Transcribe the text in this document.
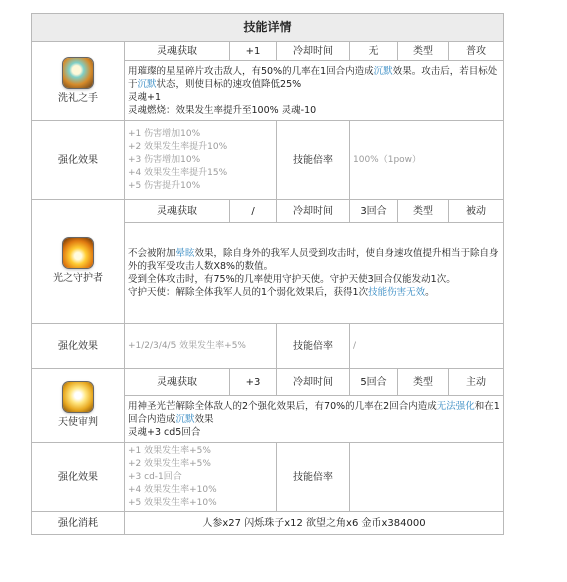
技能详情						

洗礼之手	灵魂获取	+1	冷却时间	无	类型	普攻
	用璀璨的星星碎片攻击敌人，有50%的几率在1回合内造成沉默效果。攻击后，若目标处于沉默状态，则使目标的速攻值降低25%
灵魂+1
灵魂燃烧：效果发生率提升至100% 灵魂-10					
强化效果	+1 伤害增加10%
+2 效果发生率提升10%
+3 伤害增加10%
+4 效果发生率提升15%
+5 伤害提升10%		技能倍率	100%（1pow）		

光之守护者	灵魂获取	/	冷却时间	3回合	类型	被动
	不会被附加晕眩效果，除自身外的我军人员受到攻击时，使自身速攻值提升相当于除自身外的我军受攻击人数X8%的数值。
受到全体攻击时，有75%的几率使用守护天使。守护天使3回合仅能发动1次。
守护天使：解除全体我军人员的1个弱化效果后，获得1次技能伤害无效。					
强化效果	+1/2/3/4/5 效果发生率+5%		技能倍率	/		

天使审判	灵魂获取	+3	冷却时间	5回合	类型	主动
	用神圣光芒解除全体敌人的2个强化效果后，有70%的几率在2回合内造成无法强化和在1回合内造成沉默效果
灵魂+3 cd5回合					
强化效果	+1 效果发生率+5%
+2 效果发生率+5%
+3 cd-1回合
+4 效果发生率+10%
+5 效果发生率+10%		技能倍率			
强化消耗	人参x27 闪烁珠子x12 欲望之角x6 金币x384000					
